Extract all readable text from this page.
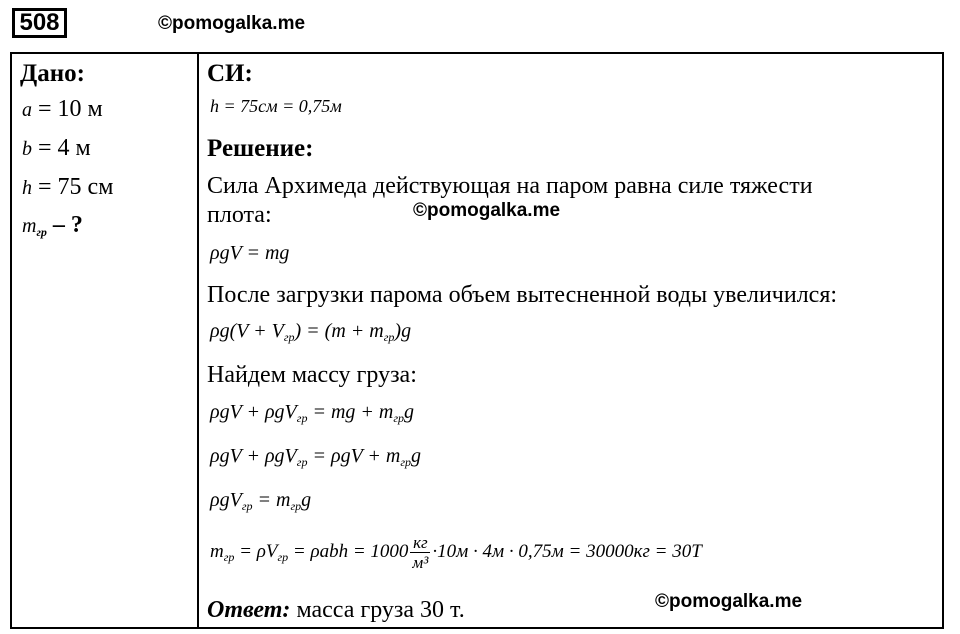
508	©pomogalka.me
Дано:
a = 10 м
b = 4 м
h = 75 см
$m_{гр}$ – ?
СИ:
h = 75см = 0,75м
Решение:
Сила Архимеда действующая на паром равна силе тяжести
плота:	©pomogalka.me
ρgV = mg
После загрузки парома объем вытесненной воды увеличился:
$\rho g(V + V_{гр}) = (m + m_{гр})g$
Найдем массу груза:
ρgV + ρgV$_{гр}$ = mg + $m_{гр}g$
$\rho gV + \rho gV_{гр} = \rho gV + m_{гр}g$
$\rho gV_{гр} = m_{гр}g$
$m_{гр} = \rho V_{гр} = \rho abh = 1000 \frac{кг}{\text{м³}} \cdot 10м \cdot 4м \cdot 0,75м = 30000кг = 30Т$
Ответ: масса груза 30 т.	©pomogalka.me
